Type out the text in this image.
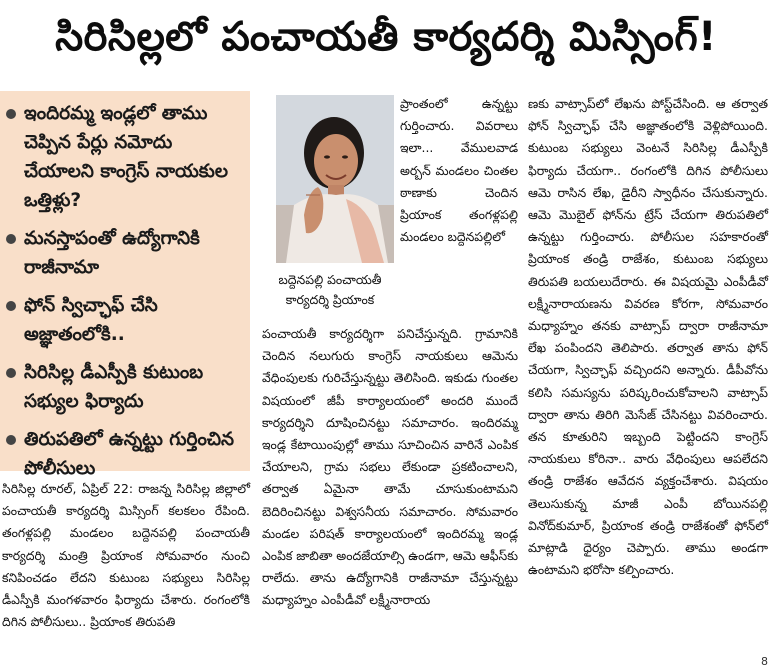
సిరిసిల్లలో పంచాయతీ కార్యదర్శి మిస్సింగ్!
ఇందిరమ్మ ఇండ్లలో తాము చెప్పిన పేర్లు నమోదు చేయాలని కాంగ్రెస్ నాయకుల ఒత్తిళ్లు?
మనస్తాపంతో ఉద్యోగానికి రాజీనామా
ఫోన్ స్విచ్ఛాఫ్ చేసి అజ్ఞాతంలోకి..
సిరిసిల్ల డీఎస్పీకి కుటుంబ సభ్యుల ఫిర్యాదు
తిరుపతిలో ఉన్నట్టు గుర్తించిన పోలీసులు

సిరిసిల్ల రూరల్, ఏప్రిల్ 22: రాజన్న సిరిసిల్ల జిల్లాలో పంచాయతీ కార్యదర్శి మిస్సింగ్ కలకలం రేపింది. తంగళ్లపల్లి మండలం బద్దెనపల్లి పంచాయతీ కార్యదర్శి మంత్రి ప్రియాంక సోమవారం నుంచి కనిపించడం లేదని కుటుంబ సభ్యులు సిరిసిల్ల డీఎస్పీకి మంగళవారం ఫిర్యాదు చేశారు. రంగంలోకి దిగిన పోలీసులు.. ప్రియాంక తిరుపతి

బద్దెనపల్లి పంచాయతీ కార్యదర్శి ప్రియాంక

ప్రాంతంలో ఉన్నట్టు గుర్తించారు. వివరాలు ఇలా... వేములవాడ అర్బన్ మండలం చింతల ఠాణాకు చెందిన ప్రియాంక తంగళ్లపల్లి మండలం బద్దెనపల్లిలో

పంచాయతీ కార్యదర్శిగా పనిచేస్తున్నది. గ్రామానికి చెందిన నలుగురు కాంగ్రెస్ నాయకులు ఆమెను వేధింపులకు గురిచేస్తున్నట్టు తెలిసింది. ఇకుడు గుంతల విషయంలో జీపీ కార్యాలయంలో అందరి ముందే కార్యదర్శిని దూషించినట్టు సమాచారం. ఇందిరమ్మ ఇండ్ల కేటాయింపుల్లో తాము సూచించిన వారినే ఎంపిక చేయాలని, గ్రామ సభలు లేకుండా ప్రకటించాలని, తర్వాత ఏమైనా తామే చూసుకుంటామని బెదిరించినట్టు విశ్వసనీయ సమాచారం. సోమవారం మండల పరిషత్ కార్యాలయంలో ఇందిరమ్మ ఇండ్ల ఎంపిక జాబితా అందజేయాల్సి ఉండగా, ఆమె ఆఫీస్‌కు రాలేదు. తాను ఉద్యోగానికి రాజీనామా చేస్తున్నట్టు మధ్యాహ్నం ఎంపీడీవో లక్ష్మీనారాయ

ణకు వాట్సాప్‌లో లేఖను పోస్ట్‌చేసింది. ఆ తర్వాత ఫోన్ స్విచ్ఛాఫ్ చేసి అజ్ఞాతంలోకి వెళ్లిపోయింది. కుటుంబ సభ్యులు వెంటనే సిరిసిల్ల డీఎస్పీకి ఫిర్యాదు చేయగా.. రంగంలోకి దిగిన పోలీసులు ఆమె రాసిన లేఖ, డైరీని స్వాధీనం చేసుకున్నారు. ఆమె మొబైల్ ఫోన్‌ను ట్రేస్ చేయగా తిరుపతిలో ఉన్నట్టు గుర్తించారు. పోలీసుల సహకారంతో ప్రియాంక తండ్రి రాజేశం, కుటుంబ సభ్యులు తిరుపతి బయలుదేరారు. ఈ విషయమై ఎంపీడీవో లక్ష్మీనారాయణను వివరణ కోరగా, సోమవారం మధ్యాహ్నం తనకు వాట్సాప్ ద్వారా రాజీనామా లేఖ పంపిందని తెలిపారు. తర్వాత తాను ఫోన్ చేయగా, స్విచ్ఛాఫ్ వచ్చిందని అన్నారు. డీపీవోను కలిసి సమస్యను పరిష్కరించుకోవాలని వాట్సాప్ ద్వారా తాను తిరిగి మెసేజ్ చేసినట్టు వివరించారు. తన కూతురిని ఇబ్బంది పెట్టిందని కాంగ్రెస్ నాయకులు కోరినా.. వారు వేధింపులు ఆపలేదని తండ్రి రాజేశం ఆవేదన వ్యక్తంచేశారు. విషయం తెలుసుకున్న మాజీ ఎంపీ బోయినపల్లి వినోద్‌కుమార్, ప్రియాంక తండ్రి రాజేశంతో ఫోన్‌లో మాట్లాడి ధైర్యం చెప్పారు. తాము అండగా ఉంటామని భరోసా కల్పించారు.

8
